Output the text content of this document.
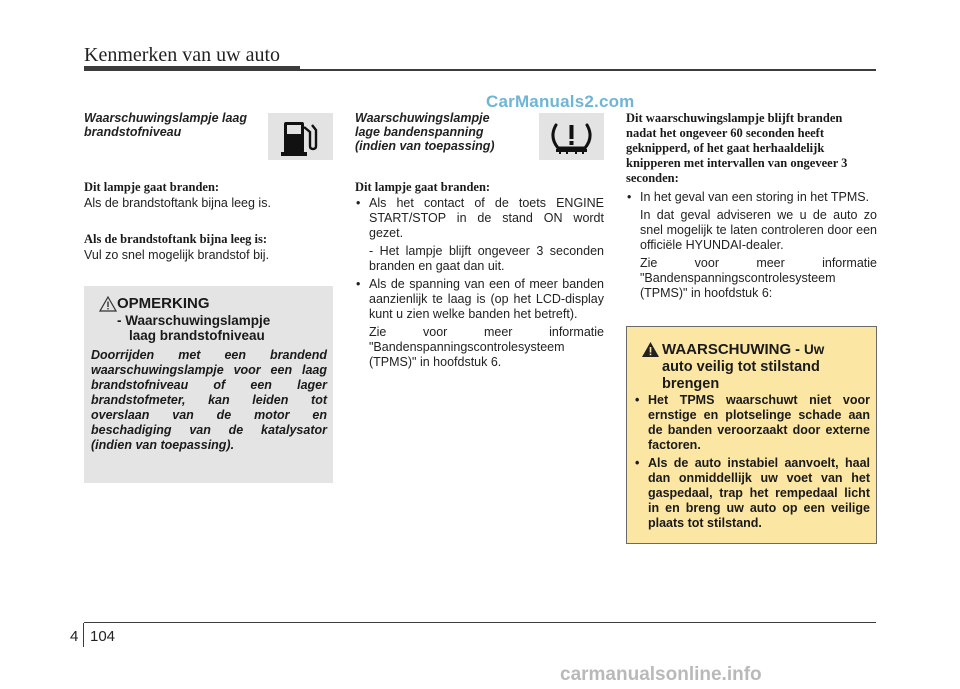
Kenmerken van uw auto
CarManuals2.com
Waarschuwingslampje laag
brandstofniveau
Dit lampje gaat branden:
Als de brandstoftank bijna leeg is.
Als de brandstoftank bijna leeg is:
Vul zo snel mogelijk brandstof bij.
OPMERKING
- Waarschuwingslampje
laag brandstofniveau
Doorrijden met een brandend waarschuwingslampje voor een laag brandstofniveau of een lager brandstofmeter, kan leiden tot overslaan van de motor en beschadiging van de katalysator (indien van toepassing).
Waarschuwingslampje
lage bandenspanning
(indien van toepassing)
Dit lampje gaat branden:
• Als het contact of de toets ENGINE START/STOP in de stand ON wordt gezet.
- Het lampje blijft ongeveer 3 seconden branden en gaat dan uit.
• Als de spanning van een of meer banden aanzienlijk te laag is (op het LCD-display kunt u zien welke banden het betreft).
Zie voor meer informatie "Bandenspanningscontrolesysteem (TPMS)" in hoofdstuk 6.
Dit waarschuwingslampje blijft branden nadat het ongeveer 60 seconden heeft geknipperd, of het gaat herhaaldelijk knipperen met intervallen van ongeveer 3 seconden:
• In het geval van een storing in het TPMS.
In dat geval adviseren we u de auto zo snel mogelijk te laten controleren door een officiële HYUNDAI-dealer.
Zie voor meer informatie "Bandenspanningscontrolesysteem (TPMS)" in hoofdstuk 6:
WAARSCHUWING - Uw
auto veilig tot stilstand
brengen
• Het TPMS waarschuwt niet voor ernstige en plotselinge schade aan de banden veroorzaakt door externe factoren.
• Als de auto instabiel aanvoelt, haal dan onmiddellijk uw voet van het gaspedaal, trap het rempedaal licht in en breng uw auto op een veilige plaats tot stilstand.
4 104
carmanualsonline.info
